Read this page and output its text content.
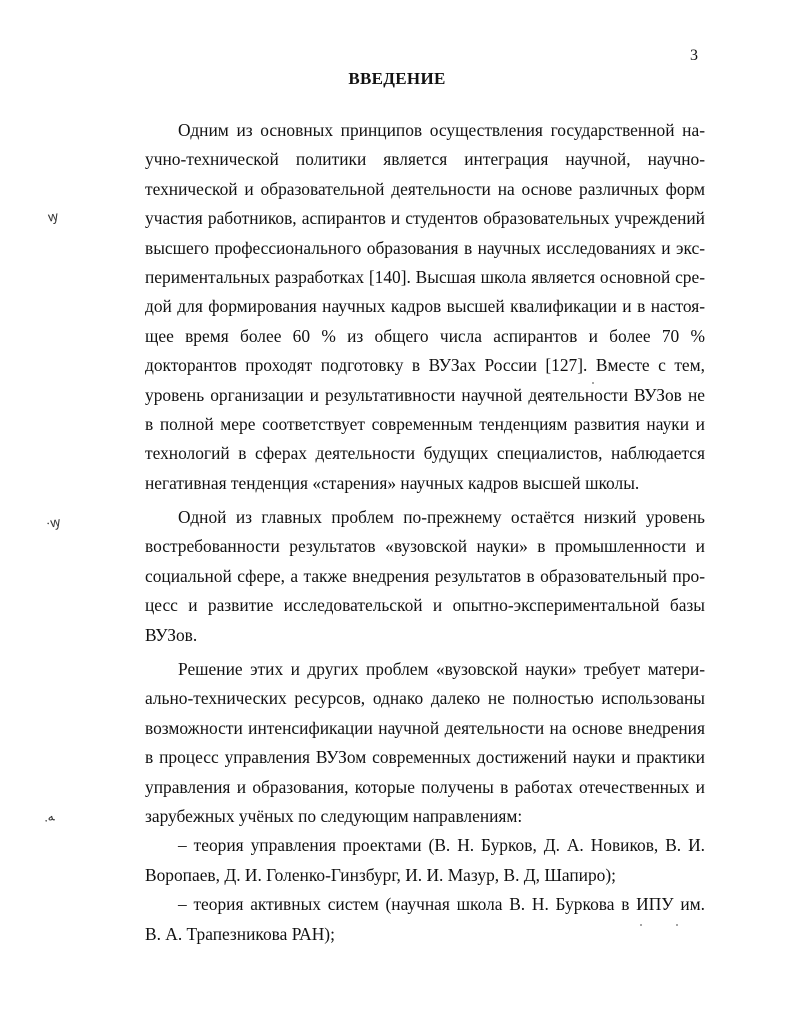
3
ВВЕДЕНИЕ
ꝡ
·ꝡ
.ﻪ
Одним из основных принципов осуществления государственной на-
учно-технической политики является интеграция научной, научно-
технической и образовательной деятельности на основе различных форм
участия работников, аспирантов и студентов образовательных учреждений
высшего профессионального образования в научных исследованиях и экс-
периментальных разработках [140]. Высшая школа является основной сре-
дой для формирования научных кадров высшей квалификации и в настоя-
щее время более 60 % из общего числа аспирантов и более 70 %
докторантов проходят подготовку в ВУЗах России [127]. Вместе с тем,
уровень организации и результативности научной деятельности ВУЗов не
в полной мере соответствует современным тенденциям развития науки и
технологий в сферах деятельности будущих специалистов, наблюдается
негативная тенденция «старения» научных кадров высшей школы.
Одной из главных проблем по-прежнему остаётся низкий уровень
востребованности результатов «вузовской науки» в промышленности и
социальной сфере, а также внедрения результатов в образовательный про-
цесс и развитие исследовательской и опытно-экспериментальной базы
ВУЗов.
Решение этих и других проблем «вузовской науки» требует матери-
ально-технических ресурсов, однако далеко не полностью использованы
возможности интенсификации научной деятельности на основе внедрения
в процесс управления ВУЗом современных достижений науки и практики
управления и образования, которые получены в работах отечественных и
зарубежных учёных по следующим направлениям:
– теория управления проектами (В. Н. Бурков, Д. А. Новиков, В. И.
Воропаев, Д. И. Голенко-Гинзбург, И. И. Мазур, В. Д, Шапиро);
– теория активных систем (научная школа В. Н. Буркова в ИПУ им.
В. А. Трапезникова РАН);
